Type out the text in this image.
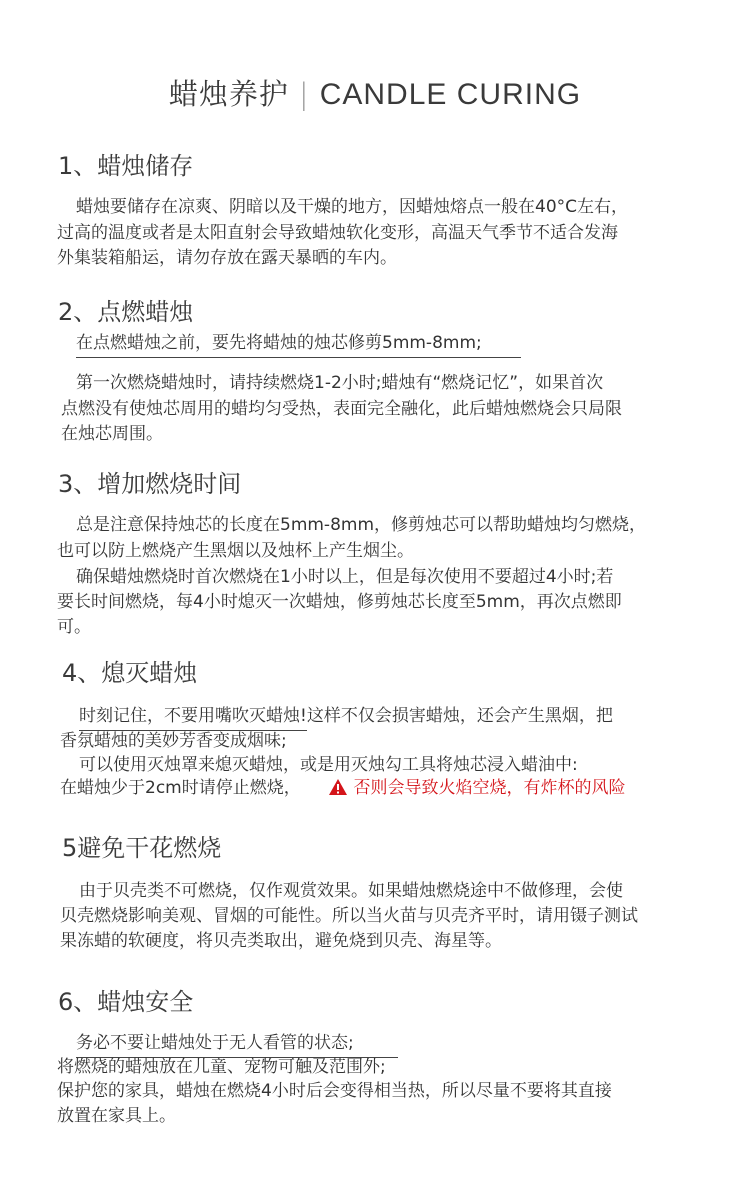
蜡烛养护 | CANDLE CURING
1、蜡烛储存
蜡烛要储存在凉爽、阴暗以及干燥的地方，因蜡烛熔点一般在40°C左右，
过高的温度或者是太阳直射会导致蜡烛软化变形，高温天气季节不适合发海
外集装箱船运，请勿存放在露天暴晒的车内。
2、点燃蜡烛
在点燃蜡烛之前，要先将蜡烛的烛芯修剪5mm-8mm;
第一次燃烧蜡烛时，请持续燃烧1-2小时;蜡烛有“燃烧记忆”，如果首次
点燃没有使烛芯周用的蜡均匀受热，表面完全融化，此后蜡烛燃烧会只局限
在烛芯周围。
3、增加燃烧时间
总是注意保持烛芯的长度在5mm-8mm，修剪烛芯可以帮助蜡烛均匀燃烧，
也可以防上燃烧产生黑烟以及烛杯上产生烟尘。
确保蜡烛燃烧时首次燃烧在1小时以上，但是每次使用不要超过4小时;若
要长时间燃烧，每4小时熄灭一次蜡烛，修剪烛芯长度至5mm，再次点燃即
可。
4、熄灭蜡烛
时刻记住，不要用嘴吹灭蜡烛!这样不仅会损害蜡烛，还会产生黑烟，把
香氛蜡烛的美妙芳香变成烟味;
可以使用灭烛罩来熄灭蜡烛，或是用灭烛勾工具将烛芯浸入蜡油中:
在蜡烛少于2cm时请停止燃烧，	否则会导致火焰空烧，有炸杯的风险
5避免干花燃烧
由于贝壳类不可燃烧，仅作观赏效果。如果蜡烛燃烧途中不做修理，会使
贝壳燃烧影响美观、冒烟的可能性。所以当火苗与贝壳齐平时，请用镊子测试
果冻蜡的软硬度，将贝壳类取出，避免烧到贝壳、海星等。
6、蜡烛安全
务必不要让蜡烛处于无人看管的状态;
将燃烧的蜡烛放在儿童、宠物可触及范围外;
保护您的家具，蜡烛在燃烧4小时后会变得相当热，所以尽量不要将其直接
放置在家具上。
